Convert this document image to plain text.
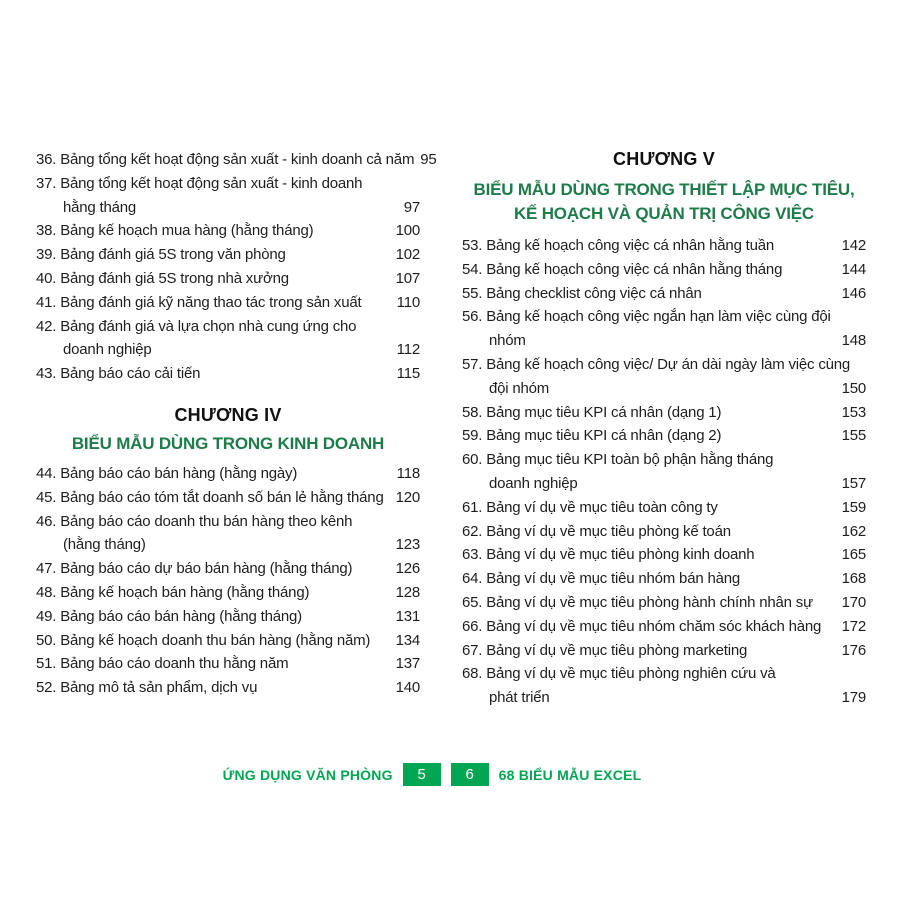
36. Bảng tổng kết hoạt động sản xuất - kinh doanh cả năm 95
37. Bảng tổng kết hoạt động sản xuất - kinh doanh
hằng tháng	97
38. Bảng kế hoạch mua hàng (hằng tháng)	100
39. Bảng đánh giá 5S trong văn phòng	102
40. Bảng đánh giá 5S trong nhà xưởng	107
41. Bảng đánh giá kỹ năng thao tác trong sản xuất	110
42. Bảng đánh giá và lựa chọn nhà cung ứng cho
doanh nghiệp	112
43. Bảng báo cáo cải tiến	115
CHƯƠNG IV
BIỂU MẪU DÙNG TRONG KINH DOANH
44. Bảng báo cáo bán hàng (hằng ngày)	118
45. Bảng báo cáo tóm tắt doanh số bán lẻ hằng tháng 120
46. Bảng báo cáo doanh thu bán hàng theo kênh
(hằng tháng)	123
47. Bảng báo cáo dự báo bán hàng (hằng tháng)	126
48. Bảng kế hoạch bán hàng (hằng tháng)	128
49. Bảng báo cáo bán hàng (hằng tháng)	131
50. Bảng kế hoạch doanh thu bán hàng (hằng năm)	134
51. Bảng báo cáo doanh thu hằng năm	137
52. Bảng mô tả sản phẩm, dịch vụ	140
CHƯƠNG V
BIỂU MẪU DÙNG TRONG THIẾT LẬP MỤC TIÊU,
KẾ HOẠCH VÀ QUẢN TRỊ CÔNG VIỆC
53. Bảng kế hoạch công việc cá nhân hằng tuần	142
54. Bảng kế hoạch công việc cá nhân hằng tháng	144
55. Bảng checklist công việc cá nhân	146
56. Bảng kế hoạch công việc ngắn hạn làm việc cùng đội
nhóm	148
57. Bảng kế hoạch công việc/ Dự án dài ngày làm việc cùng
đội nhóm	150
58. Bảng mục tiêu KPI cá nhân (dạng 1)	153
59. Bảng mục tiêu KPI cá nhân (dạng 2)	155
60. Bảng mục tiêu KPI toàn bộ phận hằng tháng
doanh nghiệp	157
61. Bảng ví dụ về mục tiêu toàn công ty	159
62. Bảng ví dụ về mục tiêu phòng kế toán	162
63. Bảng ví dụ về mục tiêu phòng kinh doanh	165
64. Bảng ví dụ về mục tiêu nhóm bán hàng	168
65. Bảng ví dụ về mục tiêu phòng hành chính nhân sự	170
66. Bảng ví dụ về mục tiêu nhóm chăm sóc khách hàng	172
67. Bảng ví dụ về mục tiêu phòng marketing	176
68. Bảng ví dụ về mục tiêu phòng nghiên cứu và
phát triển	179
ỨNG DỤNG VĂN PHÒNG	5	6	68 BIỂU MẪU EXCEL
